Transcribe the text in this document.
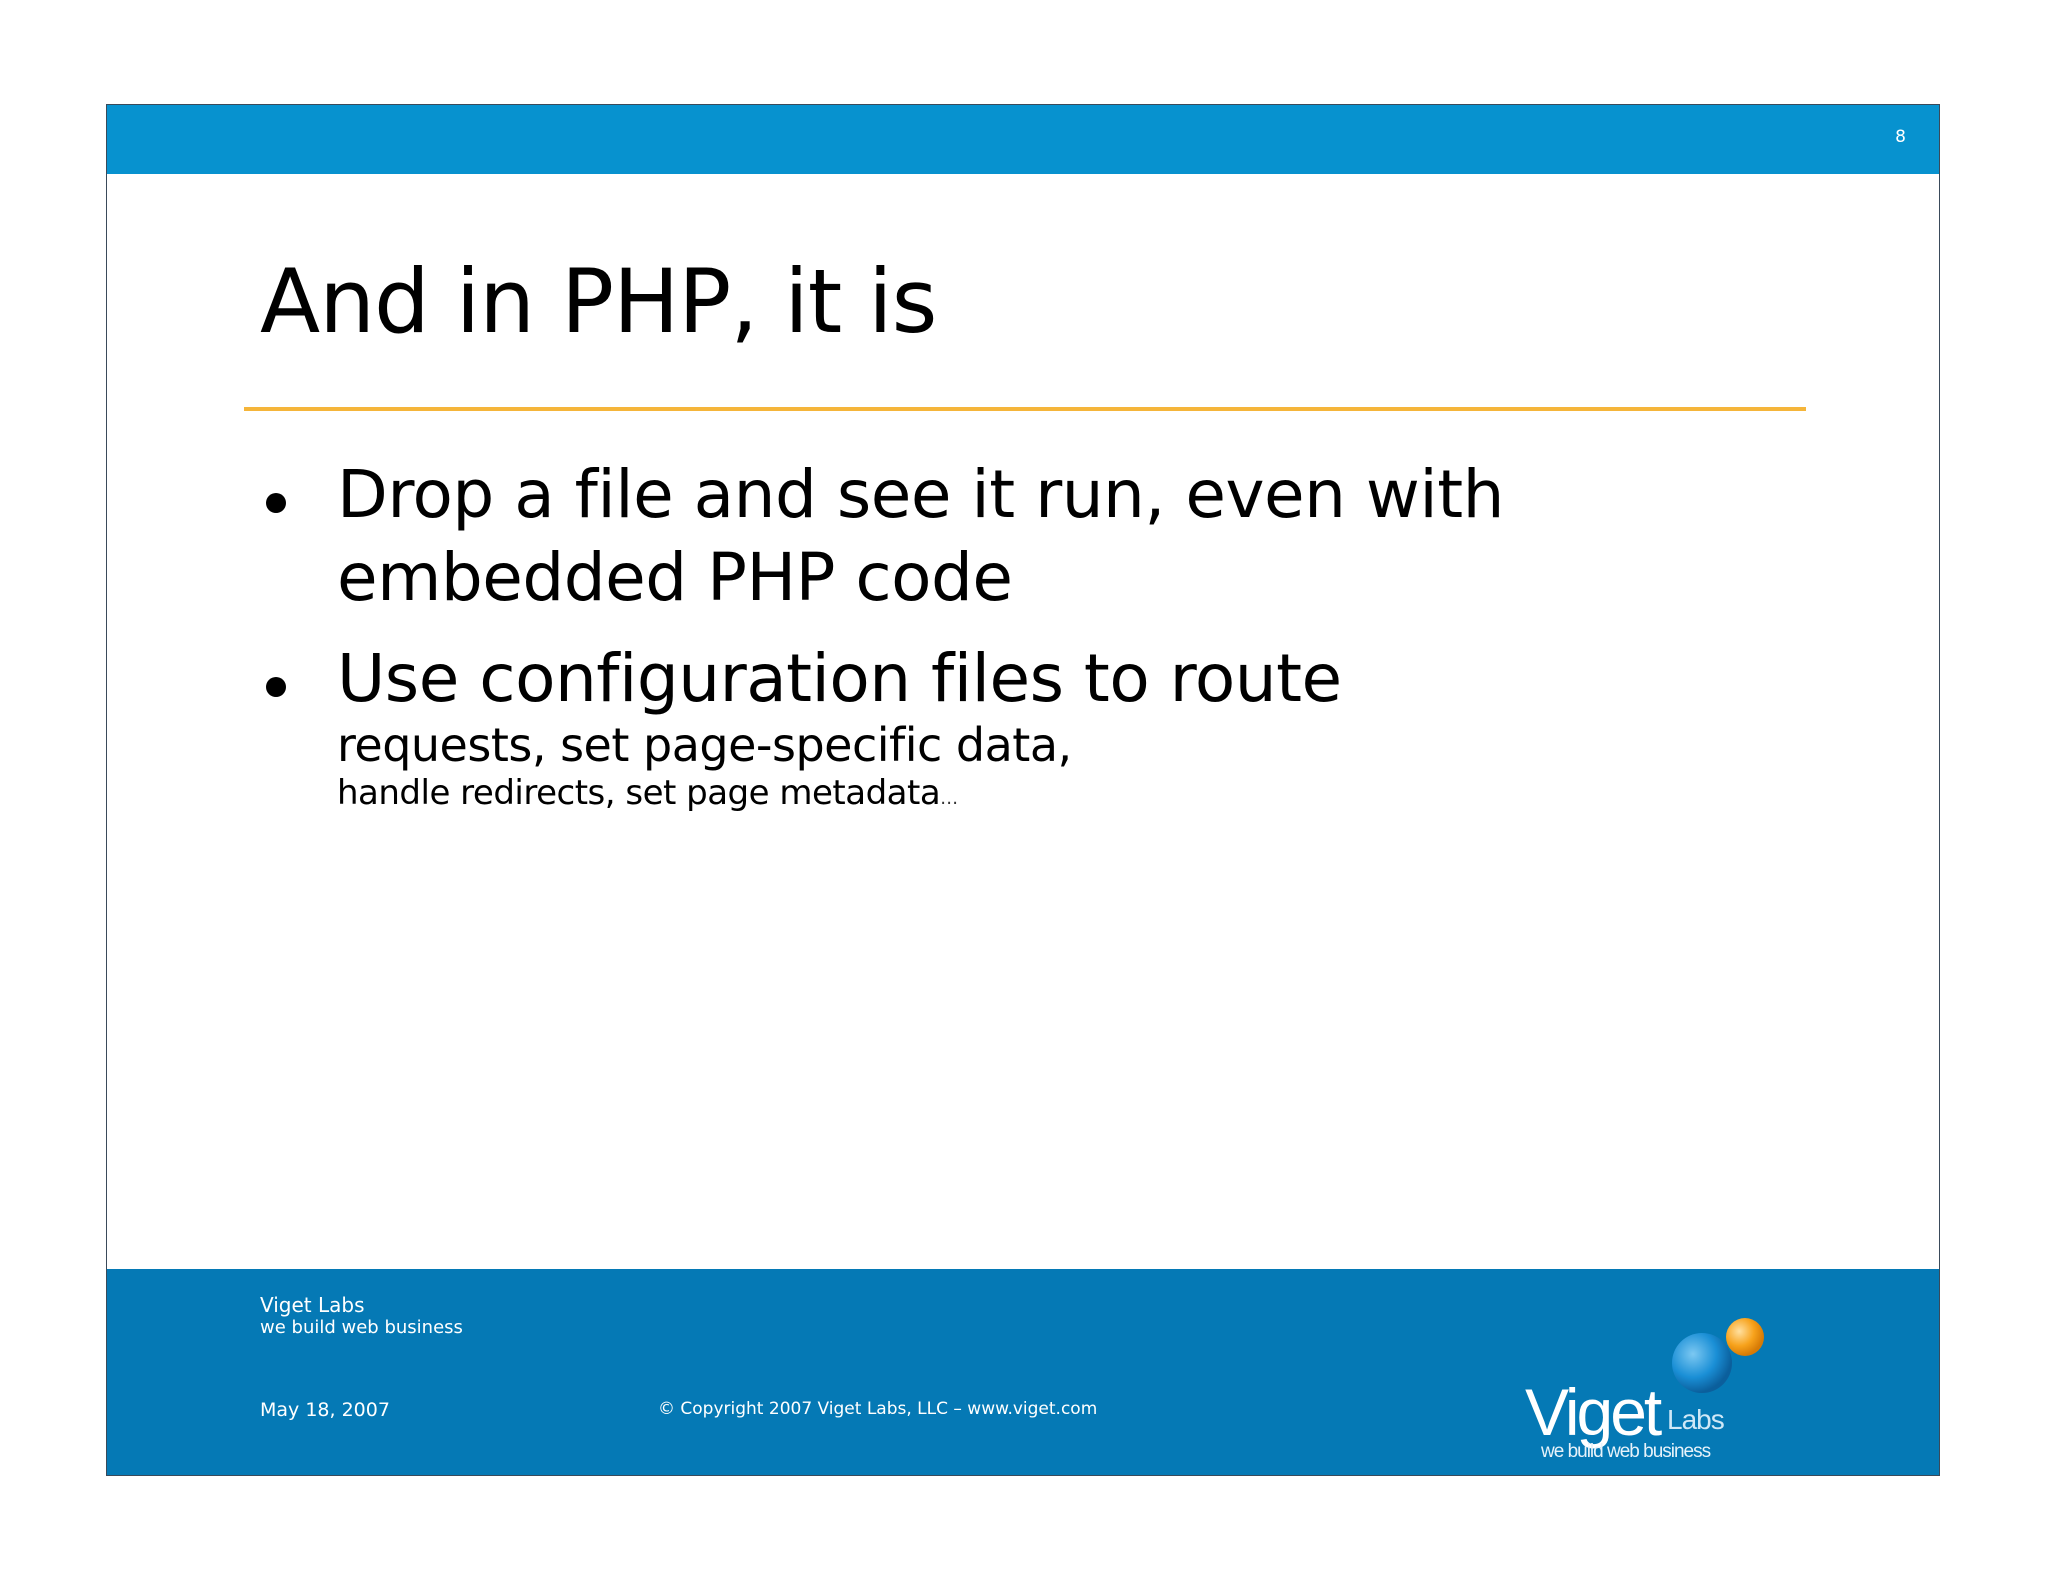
8
And in PHP, it is
Drop a file and see it run, even with embedded PHP code
Use configuration files to route
requests, set page-specific data,
handle redirects, set page metadata…
Viget Labs
we build web business
May 18, 2007	© Copyright 2007 Viget Labs, LLC – www.viget.com	Viget Labs
we build web business
